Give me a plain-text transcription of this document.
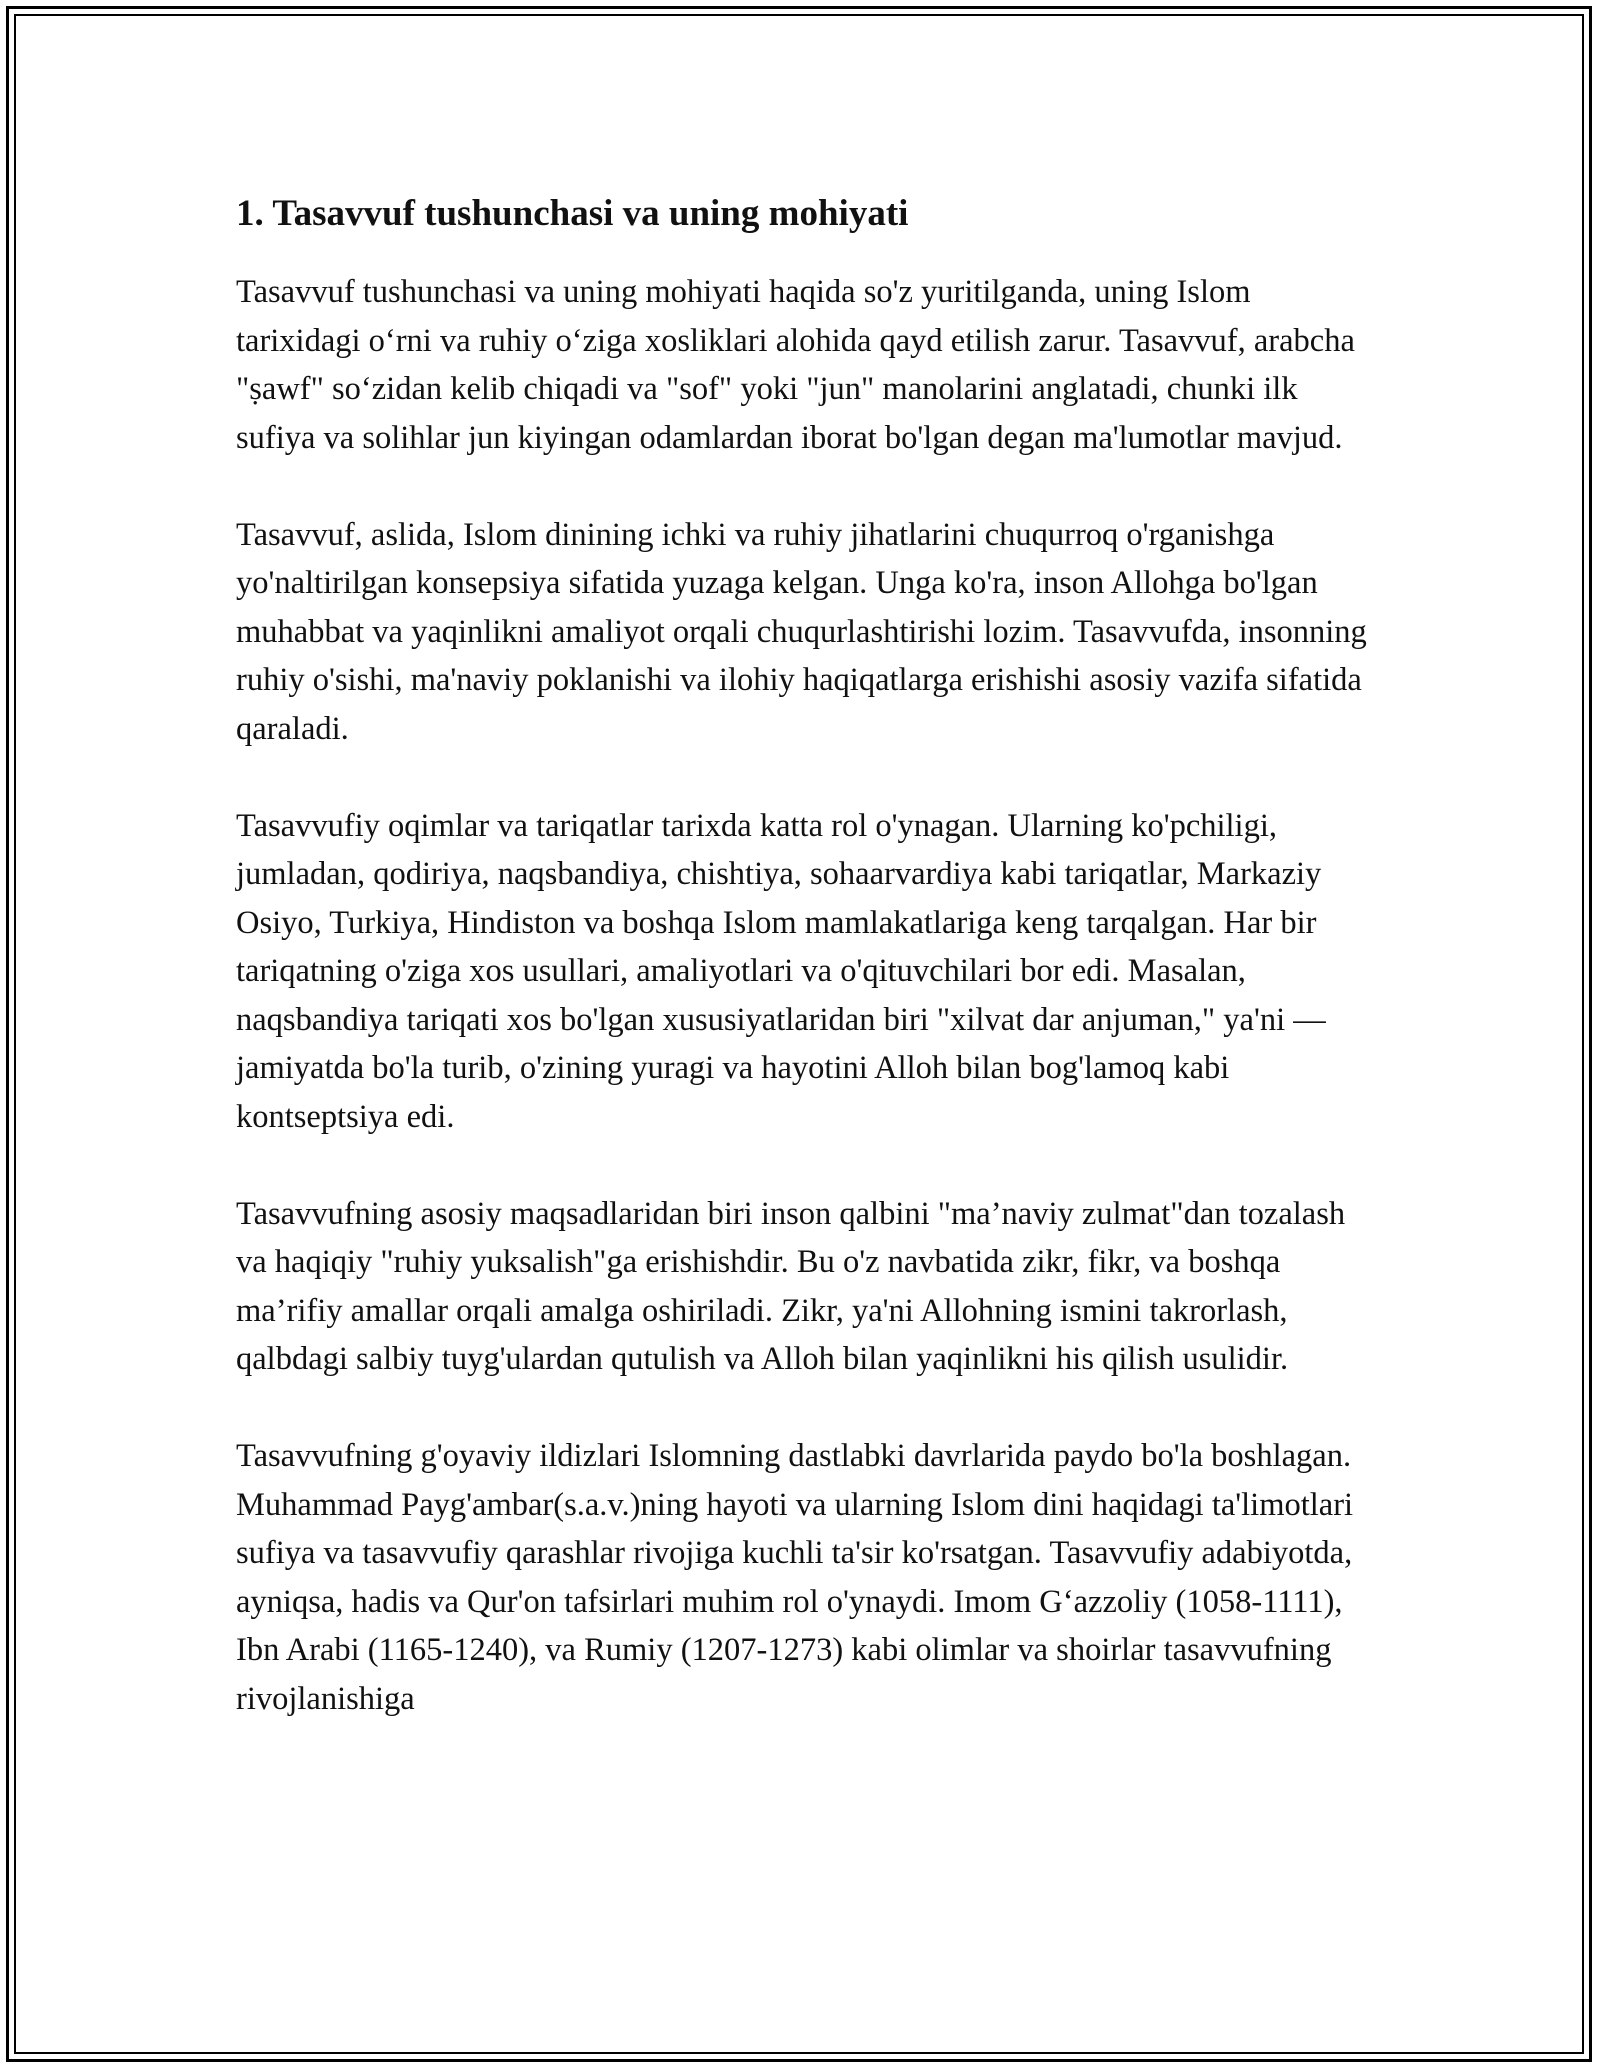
1. Tasavvuf tushunchasi va uning mohiyati

Tasavvuf tushunchasi va uning mohiyati haqida so'z yuritilganda, uning Islom tarixidagi oʻrni va ruhiy oʻziga xosliklari alohida qayd etilish zarur. Tasavvuf, arabcha "ṣawf" soʻzidan kelib chiqadi va "sof" yoki "jun" manolarini anglatadi, chunki ilk sufiya va solihlar jun kiyingan odamlardan iborat bo'lgan degan ma'lumotlar mavjud.

Tasavvuf, aslida, Islom dinining ichki va ruhiy jihatlarini chuqurroq o'rganishga yo'naltirilgan konsepsiya sifatida yuzaga kelgan. Unga ko'ra, inson Allohga bo'lgan muhabbat va yaqinlikni amaliyot orqali chuqurlashtirishi lozim. Tasavvufda, insonning ruhiy o'sishi, ma'naviy poklanishi va ilohiy haqiqatlarga erishishi asosiy vazifa sifatida qaraladi.

Tasavvufiy oqimlar va tariqatlar tarixda katta rol o'ynagan. Ularning ko'pchiligi, jumladan, qodiriya, naqsbandiya, chishtiya, sohaarvardiya kabi tariqatlar, Markaziy Osiyo, Turkiya, Hindiston va boshqa Islom mamlakatlariga keng tarqalgan. Har bir tariqatning o'ziga xos usullari, amaliyotlari va o'qituvchilari bor edi. Masalan, naqsbandiya tariqati xos bo'lgan xususiyatlaridan biri "xilvat dar anjuman," ya'ni — jamiyatda bo'la turib, o'zining yuragi va hayotini Alloh bilan bog'lamoq kabi kontseptsiya edi.

Tasavvufning asosiy maqsadlaridan biri inson qalbini "ma’naviy zulmat"dan tozalash va haqiqiy "ruhiy yuksalish"ga erishishdir. Bu o'z navbatida zikr, fikr, va boshqa ma’rifiy amallar orqali amalga oshiriladi. Zikr, ya'ni Allohning ismini takrorlash, qalbdagi salbiy tuyg'ulardan qutulish va Alloh bilan yaqinlikni his qilish usulidir.

Tasavvufning g'oyaviy ildizlari Islomning dastlabki davrlarida paydo bo'la boshlagan. Muhammad Payg'ambar(s.a.v.)ning hayoti va ularning Islom dini haqidagi ta'limotlari sufiya va tasavvufiy qarashlar rivojiga kuchli ta'sir ko'rsatgan. Tasavvufiy adabiyotda, ayniqsa, hadis va Qur'on tafsirlari muhim rol o'ynaydi. Imom Gʻazzoliy (1058-1111), Ibn Arabi (1165-1240), va Rumiy (1207-1273) kabi olimlar va shoirlar tasavvufning rivojlanishiga
